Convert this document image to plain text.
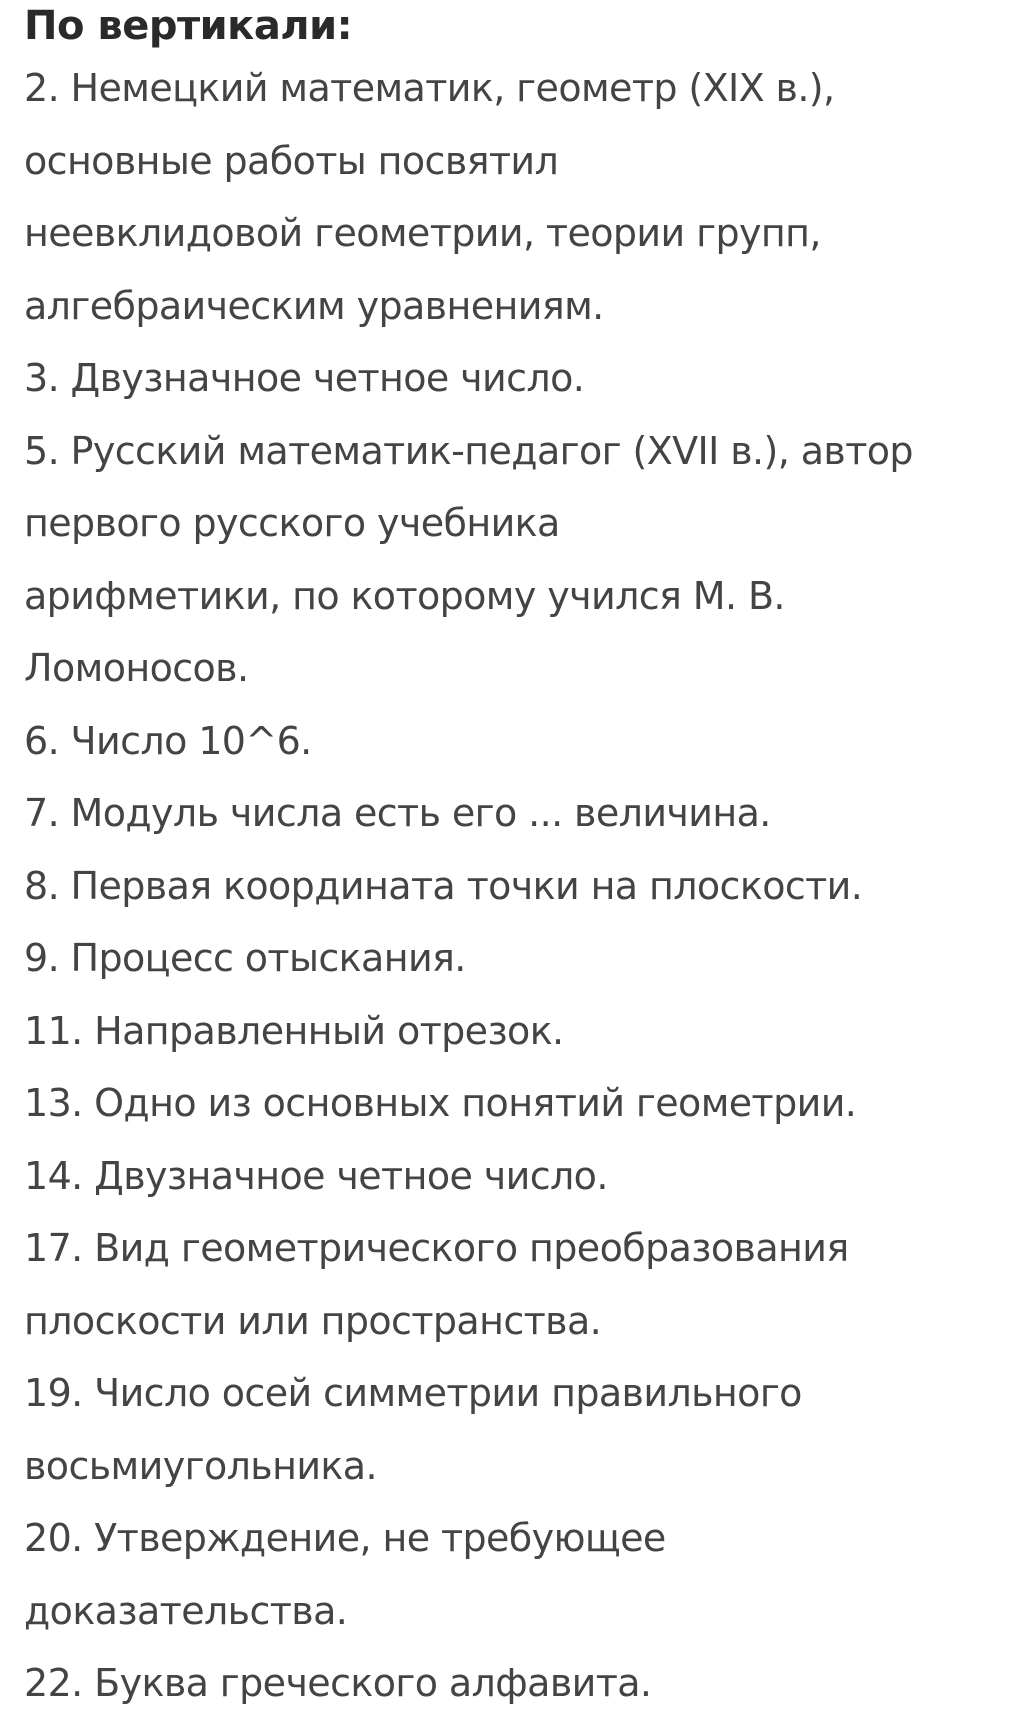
По вертикали:
2. Немецкий математик, геометр (XIX в.),
основные работы посвятил
неевклидовой геометрии, теории групп,
алгебраическим уравнениям.
3. Двузначное четное число.
5. Русский математик-педагог (XVII в.), автор
первого русского учебника
арифметики, по которому учился М. В.
Ломоносов.
6. Число 10^6.
7. Модуль числа есть его ... величина.
8. Первая координата точки на плоскости.
9. Процесс отыскания.
11. Направленный отрезок.
13. Одно из основных понятий геометрии.
14. Двузначное четное число.
17. Вид геометрического преобразования
плоскости или пространства.
19. Число осей симметрии правильного
восьмиугольника.
20. Утверждение, не требующее
доказательства.
22. Буква греческого алфавита.
